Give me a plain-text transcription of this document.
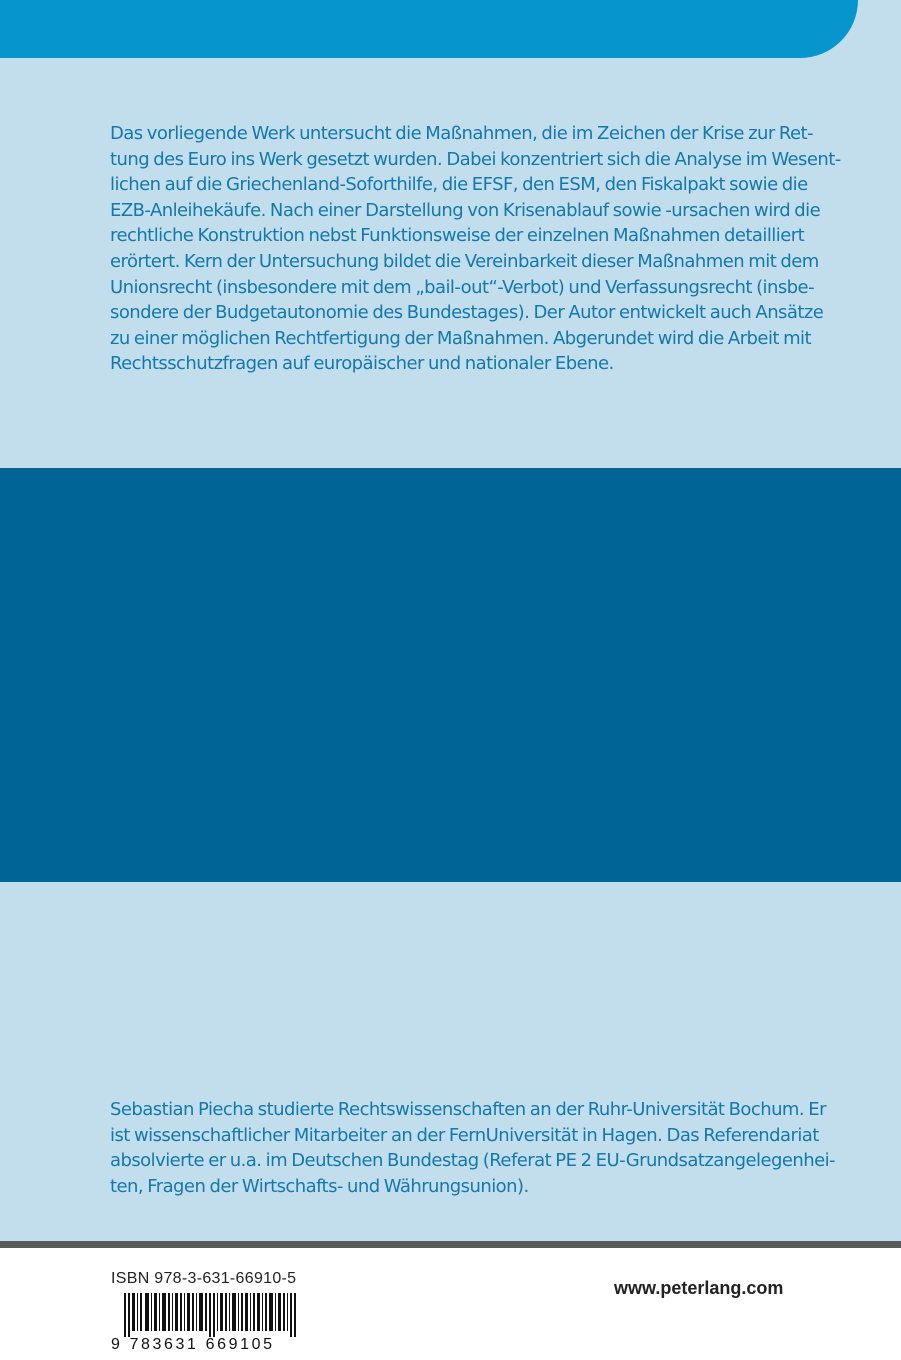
Das vorliegende Werk untersucht die Maßnahmen, die im Zeichen der Krise zur Ret-
tung des Euro ins Werk gesetzt wurden. Dabei konzentriert sich die Analyse im Wesent-
lichen auf die Griechenland-Soforthilfe, die EFSF, den ESM, den Fiskalpakt sowie die
EZB-Anleihekäufe. Nach einer Darstellung von Krisenablauf sowie -ursachen wird die
rechtliche Konstruktion nebst Funktionsweise der einzelnen Maßnahmen detailliert
erörtert. Kern der Untersuchung bildet die Vereinbarkeit dieser Maßnahmen mit dem
Unionsrecht (insbesondere mit dem „bail-out“-Verbot) und Verfassungsrecht (insbe-
sondere der Budgetautonomie des Bundestages). Der Autor entwickelt auch Ansätze
zu einer möglichen Rechtfertigung der Maßnahmen. Abgerundet wird die Arbeit mit
Rechtsschutzfragen auf europäischer und nationaler Ebene.

Sebastian Piecha studierte Rechtswissenschaften an der Ruhr-Universität Bochum. Er
ist wissenschaftlicher Mitarbeiter an der FernUniversität in Hagen. Das Referendariat
absolvierte er u.a. im Deutschen Bundestag (Referat PE 2 EU-Grundsatzangelegenhei-
ten, Fragen der Wirtschafts- und Währungsunion).

ISBN 978-3-631-66910-5
9 783631 669105
www.peterlang.com
